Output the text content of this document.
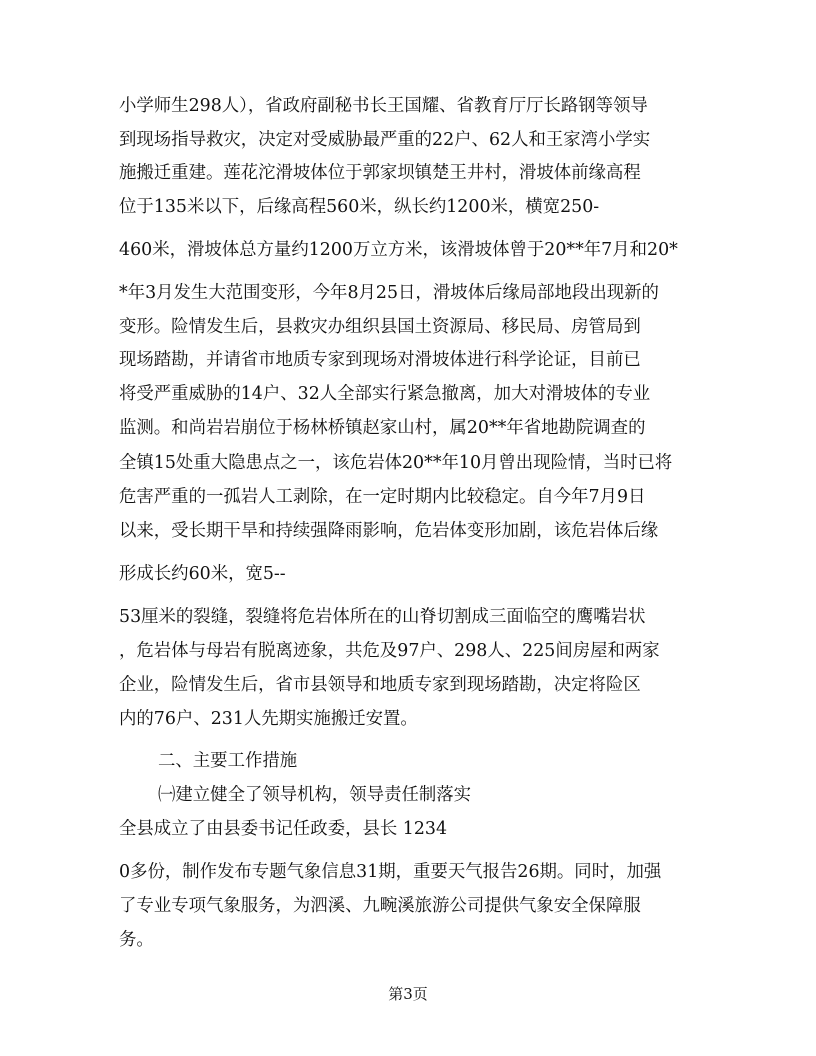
小学师生298人），省政府副秘书长王国耀、省教育厅厅长路钢等领导
到现场指导救灾，决定对受威胁最严重的22户、62人和王家湾小学实
施搬迁重建。莲花沱滑坡体位于郭家坝镇楚王井村，滑坡体前缘高程
位于135米以下，后缘高程560米，纵长约1200米，横宽250-
460米，滑坡体总方量约1200万立方米，该滑坡体曾于20**年7月和20*
*年3月发生大范围变形，今年8月25日，滑坡体后缘局部地段出现新的
变形。险情发生后，县救灾办组织县国土资源局、移民局、房管局到
现场踏勘，并请省市地质专家到现场对滑坡体进行科学论证，目前已
将受严重威胁的14户、32人全部实行紧急撤离，加大对滑坡体的专业
监测。和尚岩岩崩位于杨林桥镇赵家山村，属20**年省地勘院调查的
全镇15处重大隐患点之一，该危岩体20**年10月曾出现险情，当时已将
危害严重的一孤岩人工剥除，在一定时期内比较稳定。自今年7月9日
以来，受长期干旱和持续强降雨影响，危岩体变形加剧，该危岩体后缘
形成长约60米，宽5--
53厘米的裂缝，裂缝将危岩体所在的山脊切割成三面临空的鹰嘴岩状
，危岩体与母岩有脱离迹象，共危及97户、298人、225间房屋和两家
企业，险情发生后，省市县领导和地质专家到现场踏勘，决定将险区
内的76户、231人先期实施搬迁安置。
二、主要工作措施
㈠建立健全了领导机构，领导责任制落实
全县成立了由县委书记任政委，县长 1234
0多份，制作发布专题气象信息31期，重要天气报告26期。同时，加强
了专业专项气象服务，为泗溪、九畹溪旅游公司提供气象安全保障服
务。
第3页
